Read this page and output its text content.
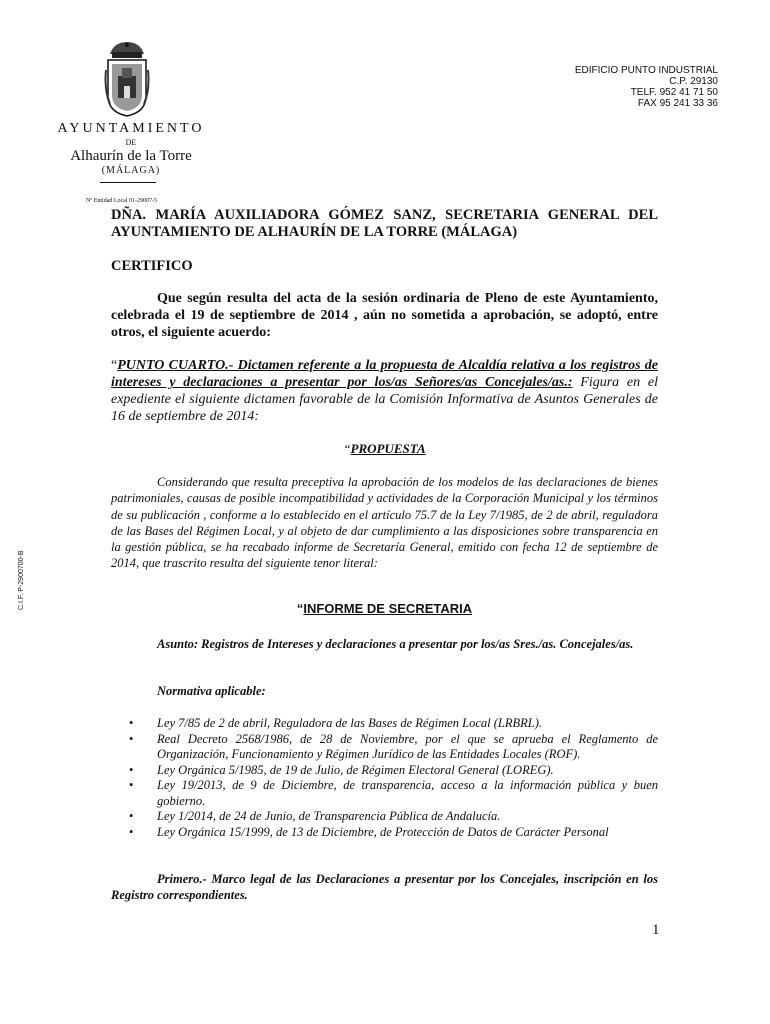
AYUNTAMIENTO
DE
Alhaurín de la Torre
(MÁLAGA)
EDIFICIO PUNTO INDUSTRIAL
C.P. 29130
TELF. 952 41 71 50
FAX 95 241 33 36
Nº Entidad Local 01-29007-5
C.I.F. P-2900700-B
DÑA. MARÍA AUXILIADORA GÓMEZ SANZ, SECRETARIA GENERAL DEL AYUNTAMIENTO DE ALHAURÍN DE LA TORRE (MÁLAGA)
CERTIFICO
Que según resulta del acta de la sesión ordinaria de Pleno de este Ayuntamiento, celebrada el 19 de septiembre de 2014 , aún no sometida a aprobación, se adoptó, entre otros, el siguiente acuerdo:
“PUNTO CUARTO.- Dictamen referente a la propuesta de Alcaldía relativa a los registros de intereses y declaraciones a presentar por los/as Señores/as Concejales/as.: Figura en el expediente el siguiente dictamen favorable de la Comisión Informativa de Asuntos Generales de 16 de septiembre de 2014:
“PROPUESTA
Considerando que resulta preceptiva la aprobación de los modelos de las declaraciones de bienes patrimoniales, causas de posible incompatibilidad y actividades de la Corporación Municipal y los términos de su publicación , conforme a lo establecido en el artículo 75.7 de la Ley 7/1985, de 2 de abril, reguladora de las Bases del Régimen Local, y al objeto de dar cumplimiento a las disposiciones sobre transparencia en la gestión pública, se ha recabado informe de Secretaría General, emitido con fecha 12 de septiembre de 2014, que trascrito resulta del siguiente tenor literal:
“INFORME DE SECRETARIA
Asunto: Registros de Intereses y declaraciones a presentar por los/as Sres./as. Concejales/as.
Normativa aplicable:
• Ley 7/85 de 2 de abril, Reguladora de las Bases de Régimen Local (LRBRL).
• Real Decreto 2568/1986, de 28 de Noviembre, por el que se aprueba el Reglamento de Organización, Funcionamiento y Régimen Jurídico de las Entidades Locales (ROF).
• Ley Orgánica 5/1985, de 19 de Julio, de Régimen Electoral General (LOREG).
• Ley 19/2013, de 9 de Diciembre, de transparencia, acceso a la información pública y buen gobierno.
• Ley 1/2014, de 24 de Junio, de Transparencia Pública de Andalucía.
• Ley Orgánica 15/1999, de 13 de Diciembre, de Protección de Datos de Carácter Personal
Primero.- Marco legal de las Declaraciones a presentar por los Concejales, inscripción en los Registro correspondientes.
1
